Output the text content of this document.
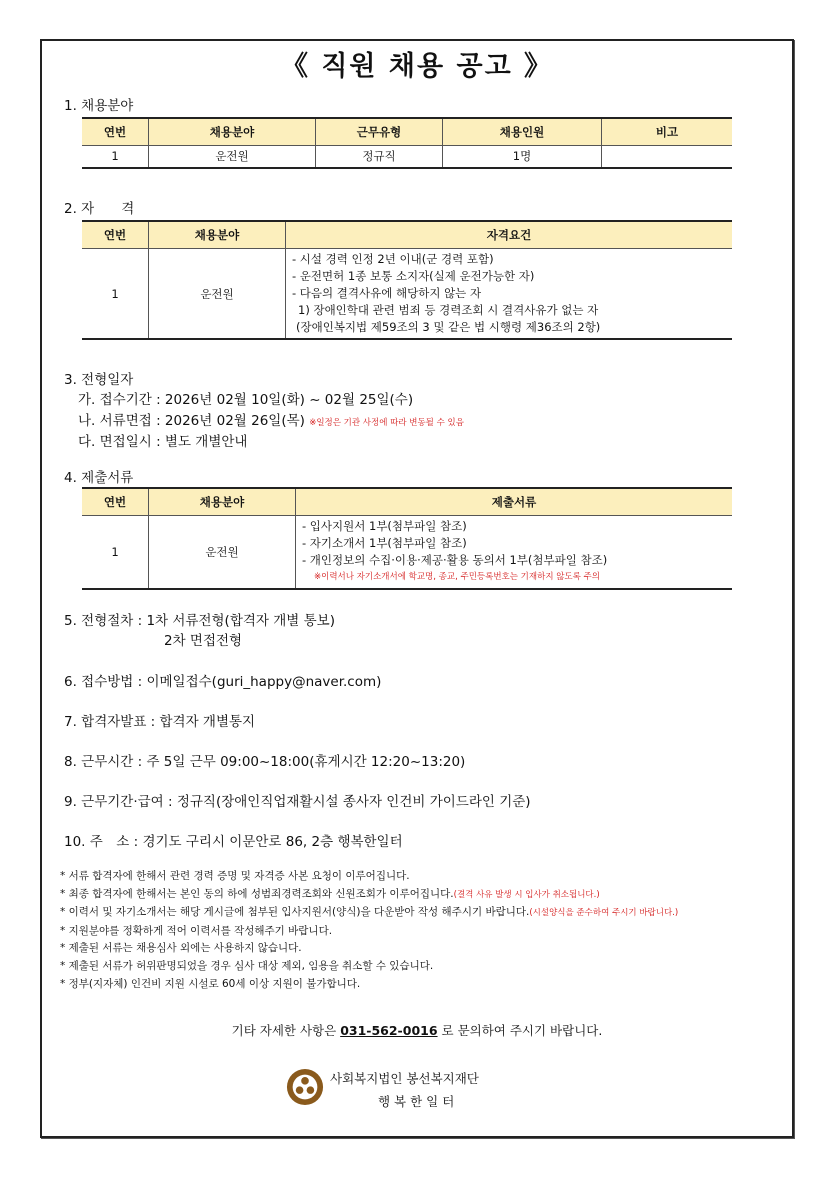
《 직원 채용 공고 》
1. 채용분야
연번	채용분야	근무유형	채용인원	비고
1	운전원	정규직	1명	
2. 자　　격
연번	채용분야	자격요건
1	운전원	- 시설 경력 인정 2년 이내(군 경력 포함)
- 운전면허 1종 보통 소지자(실제 운전가능한 자)
- 다음의 결격사유에 해당하지 않는 자
1) 장애인학대 관련 범죄 등 경력조회 시 결격사유가 없는 자
(장애인복지법 제59조의 3 및 같은 법 시행령 제36조의 2항)
3. 전형일자
가. 접수기간 : 2026년 02월 10일(화) ~ 02월 25일(수)
나. 서류면접 : 2026년 02월 26일(목) ※일정은 기관 사정에 따라 변동될 수 있음
다. 면접일시 : 별도 개별안내
4. 제출서류
연번	채용분야	제출서류
1	운전원	- 입사지원서 1부(첨부파일 참조)
- 자기소개서 1부(첨부파일 참조)
- 개인정보의 수집·이용·제공·활용 동의서 1부(첨부파일 참조)
※이력서나 자기소개서에 학교명, 종교, 주민등록번호는 기재하지 않도록 주의
5. 전형절차 : 1차 서류전형(합격자 개별 통보)
2차 면접전형
6. 접수방법 : 이메일접수(guri_happy@naver.com)
7. 합격자발표 : 합격자 개별통지
8. 근무시간 : 주 5일 근무 09:00~18:00(휴게시간 12:20~13:20)
9. 근무기간·급여 : 정규직(장애인직업재활시설 종사자 인건비 가이드라인 기준)
10. 주　소 : 경기도 구리시 이문안로 86, 2층 행복한일터
* 서류 합격자에 한해서 관련 경력 증명 및 자격증 사본 요청이 이루어집니다.
* 최종 합격자에 한해서는 본인 동의 하에 성범죄경력조회와 신원조회가 이루어집니다.(결격 사유 발생 시 입사가 취소됩니다.)
* 이력서 및 자기소개서는 해당 게시글에 첨부된 입사지원서(양식)을 다운받아 작성 해주시기 바랍니다.(시설양식을 준수하여 주시기 바랍니다.)
* 지원분야를 정확하게 적어 이력서를 작성해주기 바랍니다.
* 제출된 서류는 채용심사 외에는 사용하지 않습니다.
* 제출된 서류가 허위판명되었을 경우 심사 대상 제외, 임용을 취소할 수 있습니다.
* 정부(지자체) 인건비 지원 시설로 60세 이상 지원이 불가합니다.
기타 자세한 사항은 031-562-0016 로 문의하여 주시기 바랍니다.
사회복지법인 봉선복지재단
행 복 한 일 터
